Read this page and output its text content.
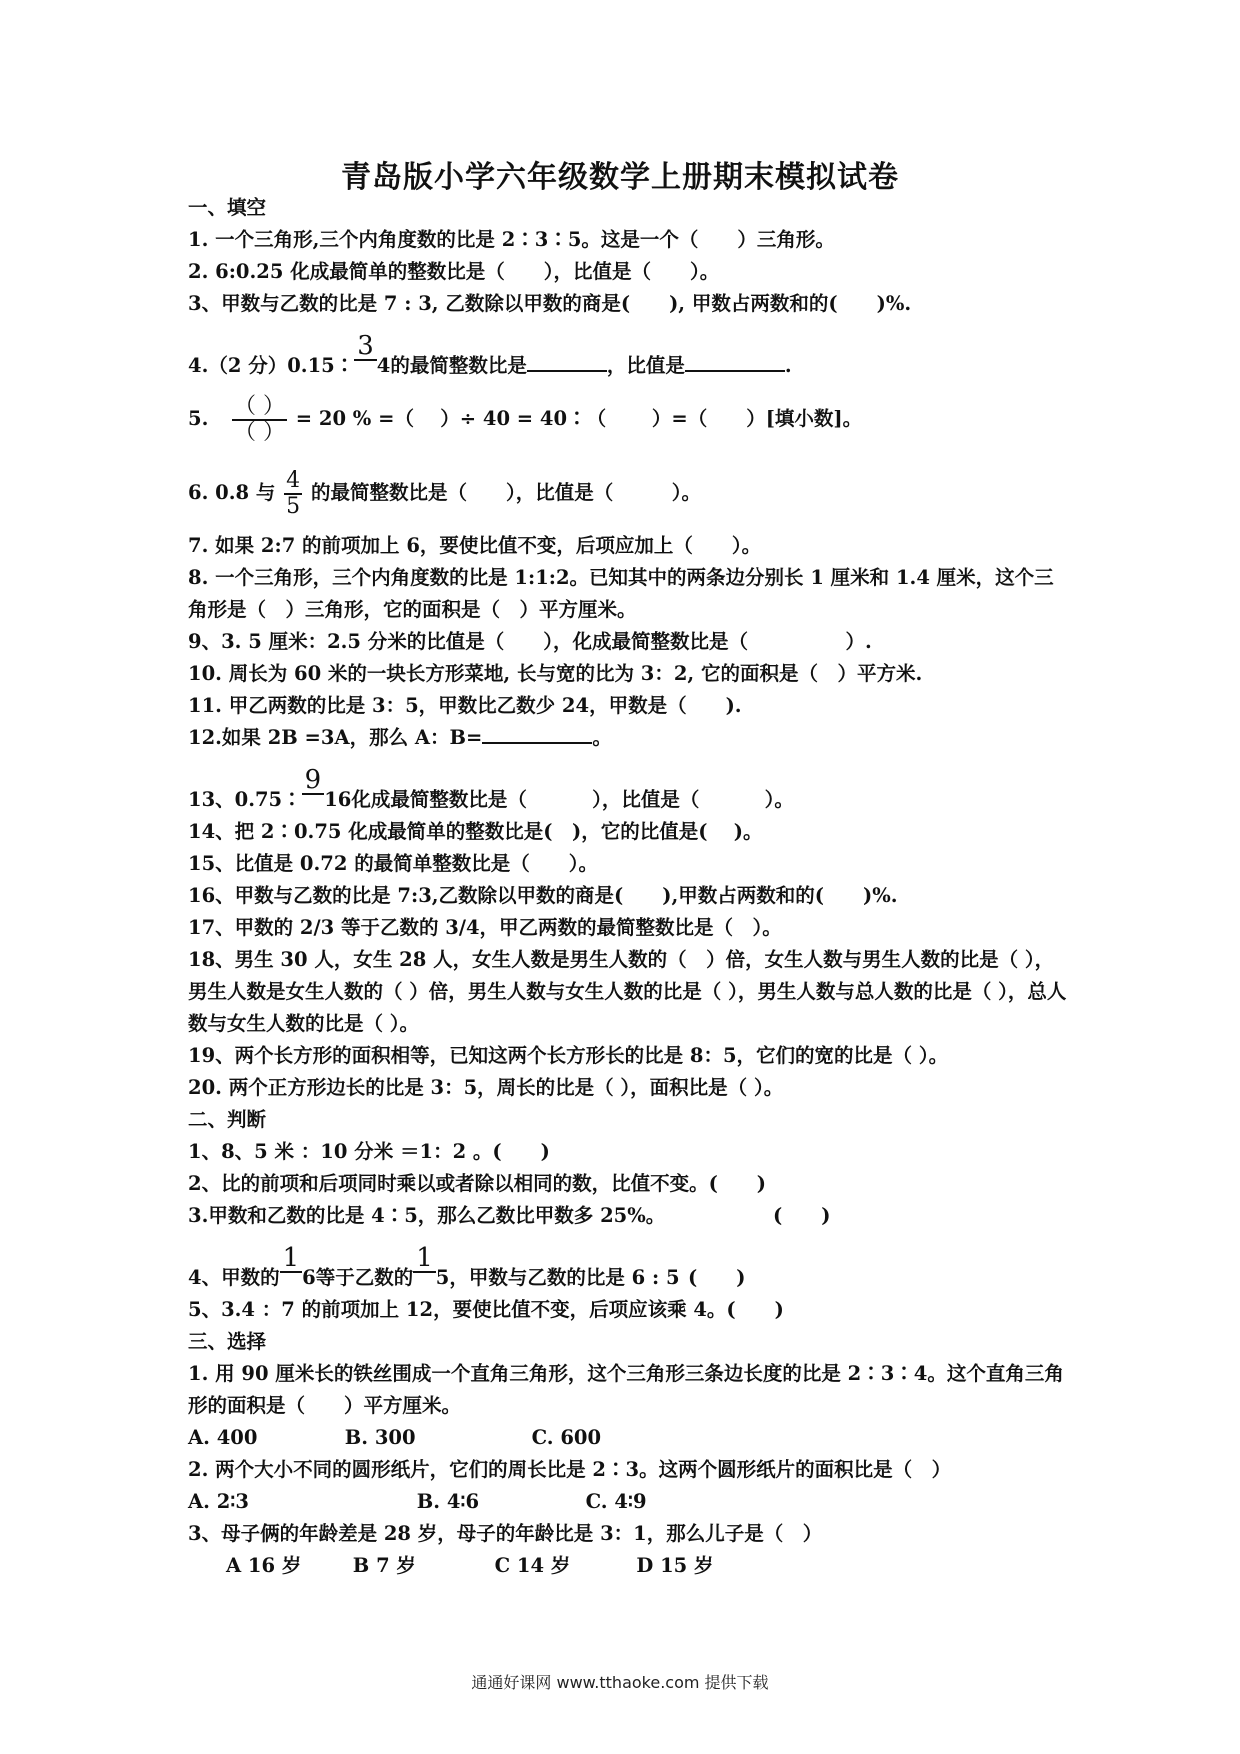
青岛版小学六年级数学上册期末模拟试卷
一、填空
1. 一个三角形,三个内角度数的比是 2∶3∶5。这是一个（　　）三角形。
2. 6:0.25 化成最简单的整数比是（　　），比值是（　　）。
3、甲数与乙数的比是 7 : 3, 乙数除以甲数的商是(　　), 甲数占两数和的(　　)%.
4.（2 分）0.15∶
3
4的最简整数比是	，比值是	.
5. $\frac{( )}{( )} = 20$ % =（　 ）÷ 40 = 40∶（　　 ）=（　　）[填小数]。
6. 0.8 与 $\frac{4}{5}$ 的最简整数比是（　　），比值是（　　　）。
7. 如果 2:7 的前项加上 6，要使比值不变，后项应加上（　　）。
8. 一个三角形，三个内角度数的比是 1:1:2。已知其中的两条边分别长 1 厘米和 1.4 厘米，这个三角形是（　）三角形，它的面积是（　）平方厘米。
9、3. 5 厘米：2.5 分米的比值是（　　），化成最简整数比是（　　　　　）.
10. 周长为 60 米的一块长方形菜地, 长与宽的比为 3：2, 它的面积是（　）平方米.
11. 甲乙两数的比是 3：5，甲数比乙数少 24，甲数是（　　).
12.如果 2B =3A，那么 A：B=	。
13、0.75∶
9
16化成最简整数比是（　　　 ），比值是（　　　 ）。
14、把 2∶0.75 化成最简单的整数比是(　)，它的比值是(　 )。
15、比值是 0.72 的最简单整数比是（　　）。
16、甲数与乙数的比是 7:3,乙数除以甲数的商是(　　),甲数占两数和的(　　)%.
17、甲数的 2/3 等于乙数的 3/4，甲乙两数的最简整数比是（　）。
18、男生 30 人，女生 28 人，女生人数是男生人数的（　）倍，女生人数与男生人数的比是（ ），男生人数是女生人数的（ ）倍，男生人数与女生人数的比是（ ），男生人数与总人数的比是（ ），总人数与女生人数的比是（ ）。
19、两个长方形的面积相等，已知这两个长方形长的比是 8：5，它们的宽的比是（ ）。
20. 两个正方形边长的比是 3：5，周长的比是（ ），面积比是（ ）。
二、判断
1、8、5 米 ：10 分米 ＝1：2 。(　　)
2、比的前项和后项同时乘以或者除以相同的数，比值不变。(　　)
3.甲数和乙数的比是 4∶5，那么乙数比甲数多 25%。	(　　)
4、甲数的
1
6等于乙数的
1
5，甲数与乙数的比是 6 : 5 (　　)
5、3.4 ：7 的前项加上 12，要使比值不变，后项应该乘 4。(　　)
三、选择
1. 用 90 厘米长的铁丝围成一个直角三角形，这个三角形三条边长度的比是 2∶3∶4。这个直角三角形的面积是（　　）平方厘米。
A. 400	B. 300	C. 600
2. 两个大小不同的圆形纸片，它们的周长比是 2∶3。这两个圆形纸片的面积比是（　）
A. 2∶3	B. 4∶6	C. 4∶9
3、母子俩的年龄差是 28 岁，母子的年龄比是 3：1，那么儿子是（　）
A 16 岁	B 7 岁	C 14 岁	D 15 岁
通通好课网 www.tthaoke.com 提供下载
